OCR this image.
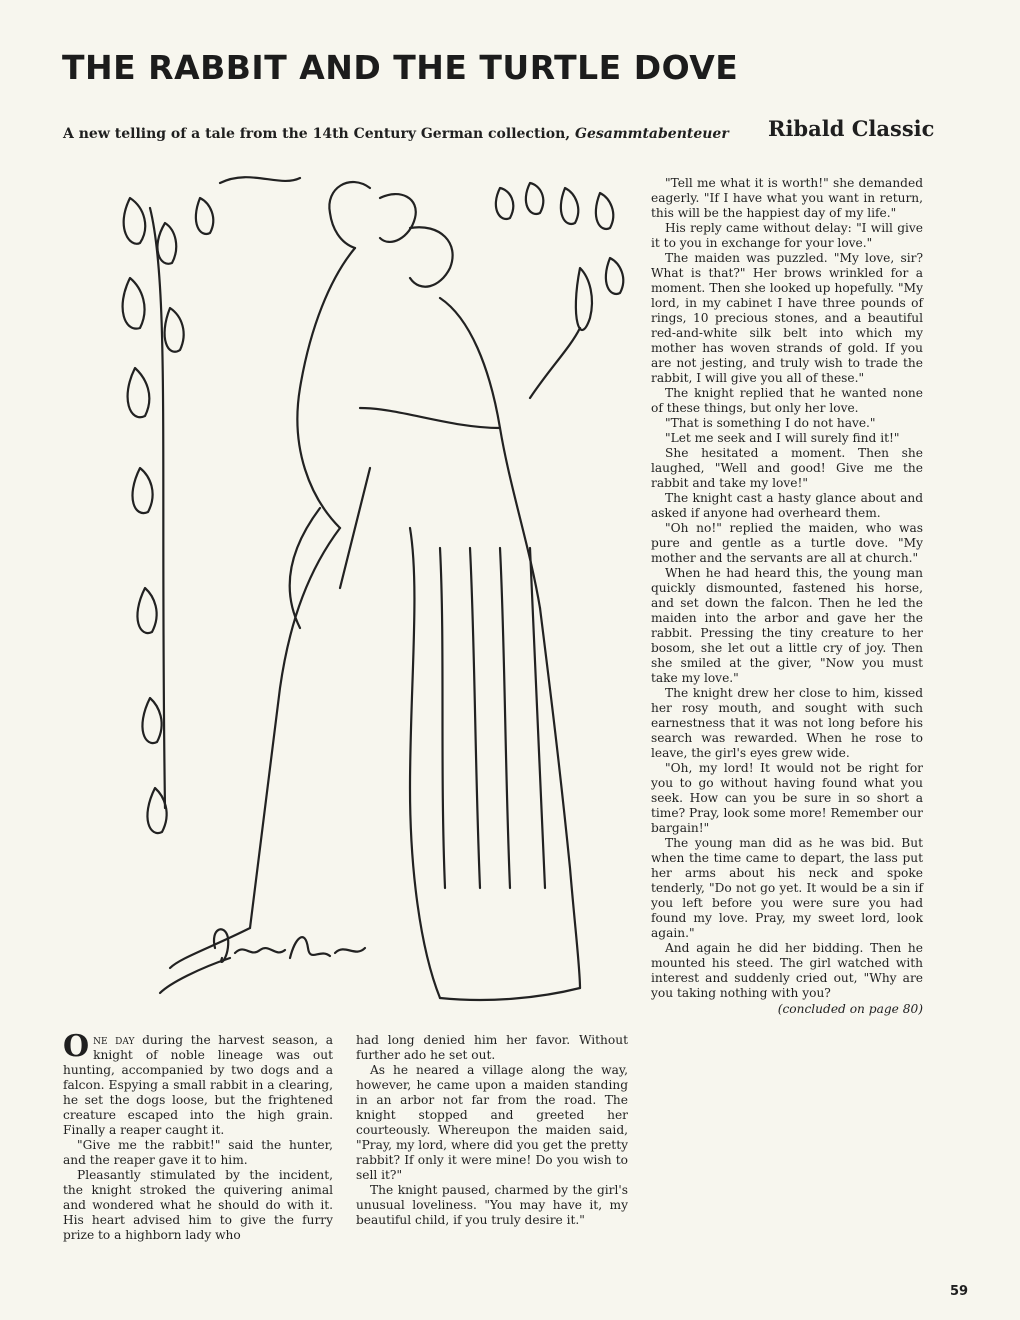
THE RABBIT AND THE TURTLE DOVE

A new telling of a tale from the 14th Century German collection, Gesammtabenteuer Ribald Classic

One day during the harvest season, a knight of noble lineage was out hunting, accompanied by two dogs and a falcon. Espying a small rabbit in a clearing, he set the dogs loose, but the frightened creature escaped into the high grain. Finally a reaper caught it.

"Give me the rabbit!" said the hunter, and the reaper gave it to him.

Pleasantly stimulated by the incident, the knight stroked the quivering animal and wondered what he should do with it. His heart advised him to give the furry prize to a highborn lady who

had long denied him her favor. Without further ado he set out.

As he neared a village along the way, however, he came upon a maiden standing in an arbor not far from the road. The knight stopped and greeted her courteously. Whereupon the maiden said, "Pray, my lord, where did you get the pretty rabbit? If only it were mine! Do you wish to sell it?"

The knight paused, charmed by the girl's unusual loveliness. "You may have it, my beautiful child, if you truly desire it."

"Tell me what it is worth!" she demanded eagerly. "If I have what you want in return, this will be the happiest day of my life."

His reply came without delay: "I will give it to you in exchange for your love."

The maiden was puzzled. "My love, sir? What is that?" Her brows wrinkled for a moment. Then she looked up hopefully. "My lord, in my cabinet I have three pounds of rings, 10 precious stones, and a beautiful red-and-white silk belt into which my mother has woven strands of gold. If you are not jesting, and truly wish to trade the rabbit, I will give you all of these."

The knight replied that he wanted none of these things, but only her love.

"That is something I do not have."

"Let me seek and I will surely find it!"

She hesitated a moment. Then she laughed, "Well and good! Give me the rabbit and take my love!"

The knight cast a hasty glance about and asked if anyone had overheard them.

"Oh no!" replied the maiden, who was pure and gentle as a turtle dove. "My mother and the servants are all at church."

When he had heard this, the young man quickly dismounted, fastened his horse, and set down the falcon. Then he led the maiden into the arbor and gave her the rabbit. Pressing the tiny creature to her bosom, she let out a little cry of joy. Then she smiled at the giver, "Now you must take my love."

The knight drew her close to him, kissed her rosy mouth, and sought with such earnestness that it was not long before his search was rewarded. When he rose to leave, the girl's eyes grew wide.

"Oh, my lord! It would not be right for you to go without having found what you seek. How can you be sure in so short a time? Pray, look some more! Remember our bargain!"

The young man did as he was bid. But when the time came to depart, the lass put her arms about his neck and spoke tenderly, "Do not go yet. It would be a sin if you left before you were sure you had found my love. Pray, my sweet lord, look again."

And again he did her bidding. Then he mounted his steed. The girl watched with interest and suddenly cried out, "Why are you taking nothing with you?

(concluded on page 80)

59
